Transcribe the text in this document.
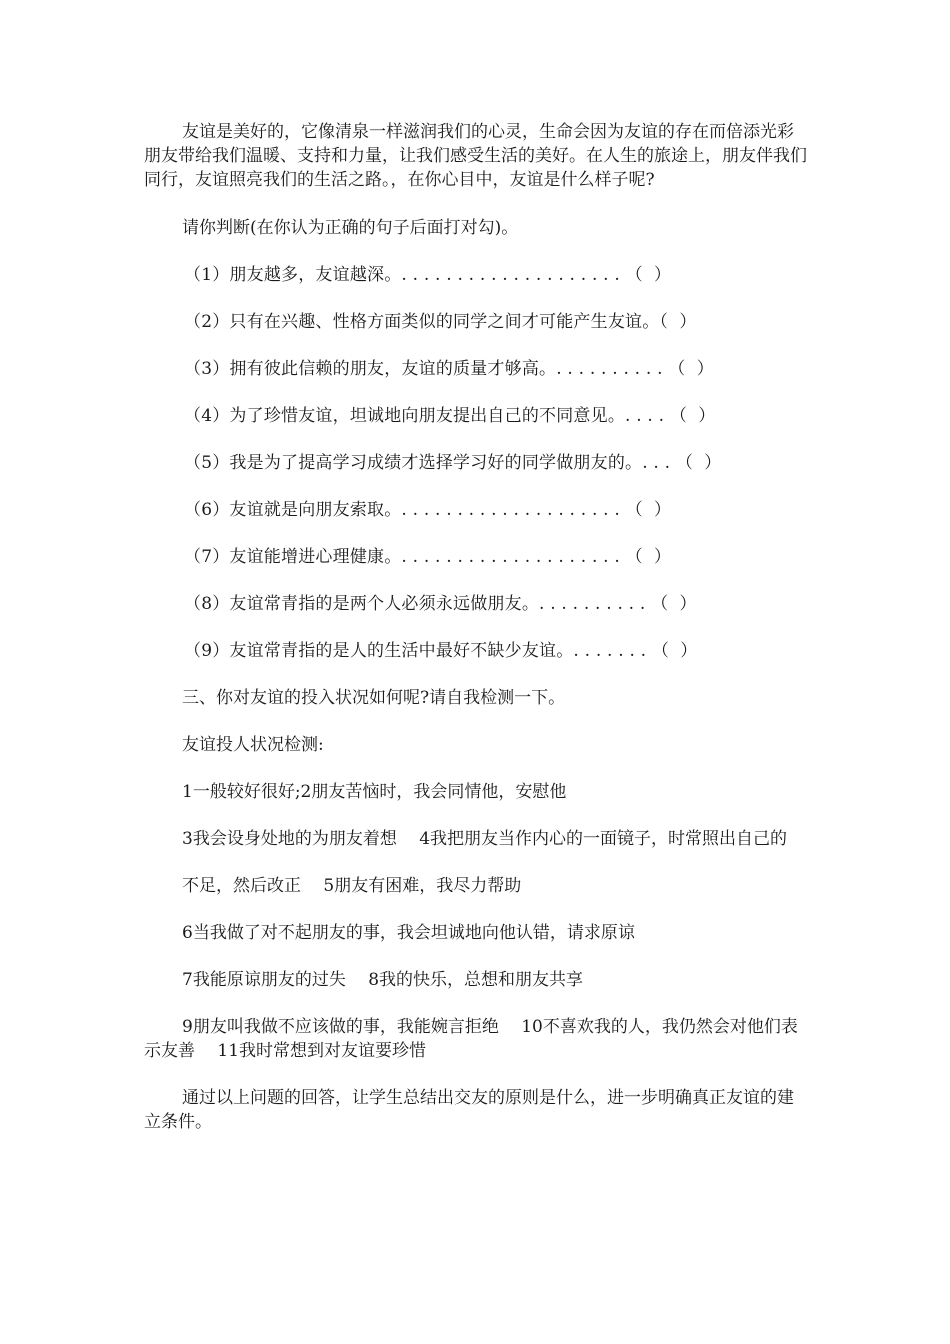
友谊是美好的，它像清泉一样滋润我们的心灵，生命会因为友谊的存在而倍添光彩朋友带给我们温暖、支持和力量，让我们感受生活的美好。在人生的旅途上，朋友伴我们同行，友谊照亮我们的生活之路。，在你心目中，友谊是什么样子呢?

请你判断(在你认为正确的句子后面打对勾)。

（1）朋友越多，友谊越深。. . . . . . . . . . . . . . . . . . . . （  ）

（2）只有在兴趣、性格方面类似的同学之间才可能产生友谊。（  ）

（3）拥有彼此信赖的朋友，友谊的质量才够高。. . . . . . . . . . （  ）

（4）为了珍惜友谊，坦诚地向朋友提出自己的不同意见。. . . . （  ）

（5）我是为了提高学习成绩才选择学习好的同学做朋友的。. . . （  ）

（6）友谊就是向朋友索取。. . . . . . . . . . . . . . . . . . . . （  ）

（7）友谊能增进心理健康。. . . . . . . . . . . . . . . . . . . . （  ）

（8）友谊常青指的是两个人必须永远做朋友。. . . . . . . . . . （  ）

（9）友谊常青指的是人的生活中最好不缺少友谊。. . . . . . . （  ）

三、你对友谊的投入状况如何呢?请自我检测一下。

友谊投人状况检测:

1一般较好很好;2朋友苦恼时，我会同情他，安慰他

3我会设身处地的为朋友着想　 4我把朋友当作内心的一面镜子，时常照出自己的

不足，然后改正　 5朋友有困难，我尽力帮助

6当我做了对不起朋友的事，我会坦诚地向他认错，请求原谅

7我能原谅朋友的过失　 8我的快乐，总想和朋友共享

9朋友叫我做不应该做的事，我能婉言拒绝　 10不喜欢我的人，我仍然会对他们表示友善　 11我时常想到对友谊要珍惜

通过以上问题的回答，让学生总结出交友的原则是什么，进一步明确真正友谊的建立条件。
